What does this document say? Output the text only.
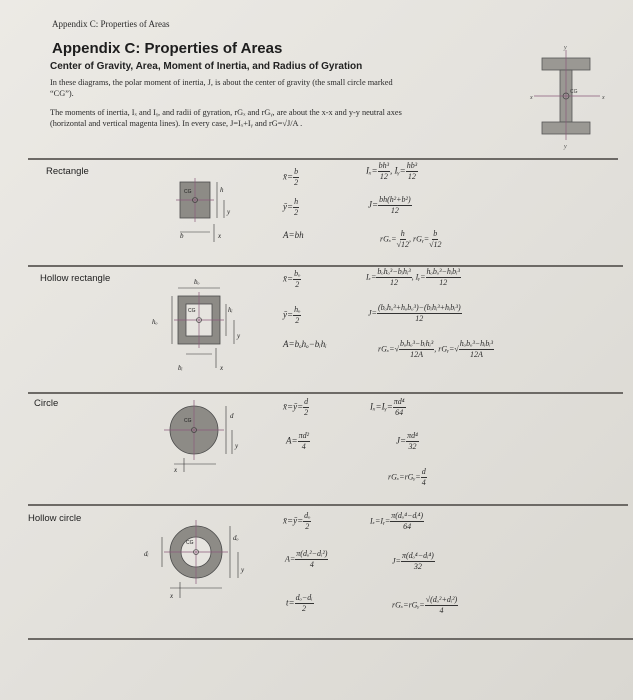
Appendix C: Properties of Areas
Appendix C: Properties of Areas
Center of Gravity, Area, Moment of Inertia, and Radius of Gyration
In these diagrams, the polar moment of inertia, J, is about the center of gravity (the small circle marked
“CG”).
The moments of inertia, Iₓ and Iᵧ, and radii of gyration, rGₓ and rGᵧ, are about the x-x and y-y neutral axes
(horizontal and vertical magenta lines). In every case, J=Iₓ+Iᵧ and rG=√J/A .
y
x
CG
x
y
Rectangle
CG	h
y
b	x
x̄= $\frac{b}{2}$
ȳ= $\frac{h}{2}$
A=bh
$I_x= \frac{\text{bh³}}{12}$ , Iᵧ= $\frac{\text{hb³}}{12}$
$J= \frac{\text{bh(h²+b²)}}{12}$
$rG_x= \frac{h}{√12}$ , rGᵧ= $\frac{b}{√12}$
Hollow rectangle	bₒ
CG
hₒ
hᵢ
y
bᵢ	x
x̄= $\frac{\text{bₒ}}{2}$
ȳ= $\frac{\text{hₒ}}{2}$
A=bₒhₒ−bᵢhᵢ
$I_x= \frac{\text{bₒhₒ³−bᵢhᵢ³}}{12}$ , Iᵧ= $\frac{\text{hₒbₒ³−hᵢbᵢ³}}{12}$
$J= \frac{\text{(bₒhₒ³+hₒbₒ³)−(bᵢhᵢ³+hᵢbᵢ³)}}{12}$
$rG_x=√ \frac{\text{bₒhₒ³−bᵢhᵢ³}}{12A}$ , rGᵧ=√ $\frac{\text{hₒbₒ³−hᵢbᵢ³}}{12A}$
Circle
CG
d
y
x
x̄=ȳ= $\frac{d}{2}$
$A= \frac{\text{πd²}}{4}$
Iₓ=Iᵧ= $\frac{\text{πd⁴}}{64}$
$J= \frac{\text{πd⁴}}{32}$
rGₓ=rGᵧ= $\frac{d}{4}$
Hollow circle
CG
dᵢ
dₒ
y
x
x̄=ȳ= $\frac{\text{dₒ}}{2}$
$A= \frac{\text{π(dₒ²−dᵢ²)}}{4}$
$t= \frac{\text{dₒ−dᵢ}}{2}$
Iₓ=Iᵧ= $\frac{\text{π(dₒ⁴−dᵢ⁴)}}{64}$
$J= \frac{\text{π(dₒ⁴−dᵢ⁴)}}{32}$
rGₓ=rGᵧ= $\frac{\text{√(dₒ²+dᵢ²)}}{4}$
